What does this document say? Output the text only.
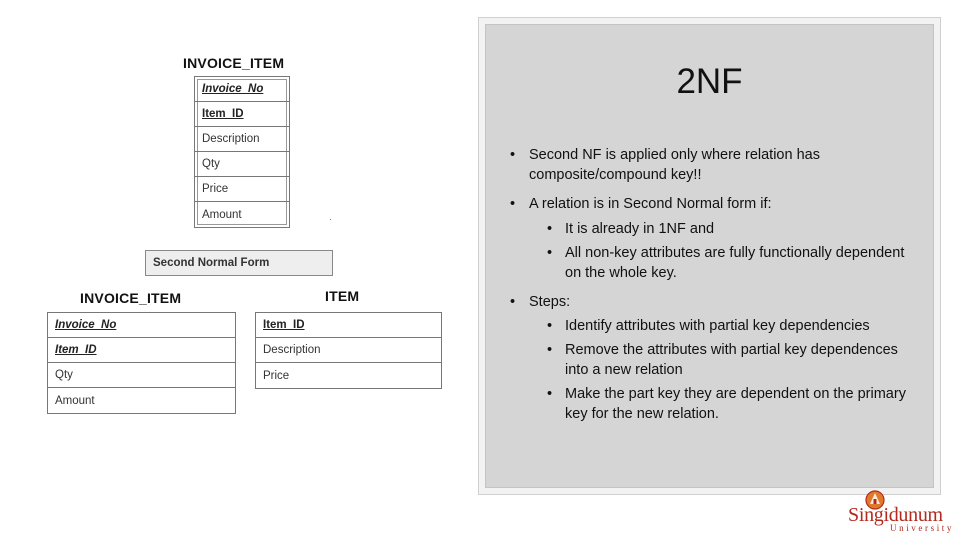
INVOICE_ITEM
Invoice_No
Item_ID
Description
Qty
Price
Amount	·
Second Normal Form
INVOICE_ITEM
Invoice_No
Item_ID
Qty
Amount
ITEM
Item_ID
Description
Price
2NF

• Second NF is applied only where relation has composite/compound key!!

• A relation is in Second Normal form if:

• It is already in 1NF and

• All non-key attributes are fully functionally dependent on the whole key.

• Steps:

• Identify attributes with partial key dependencies

• Remove the attributes with partial key dependences into a new relation

• Make the part key they are dependent on the primary key for the new relation.

Singidunum
University
